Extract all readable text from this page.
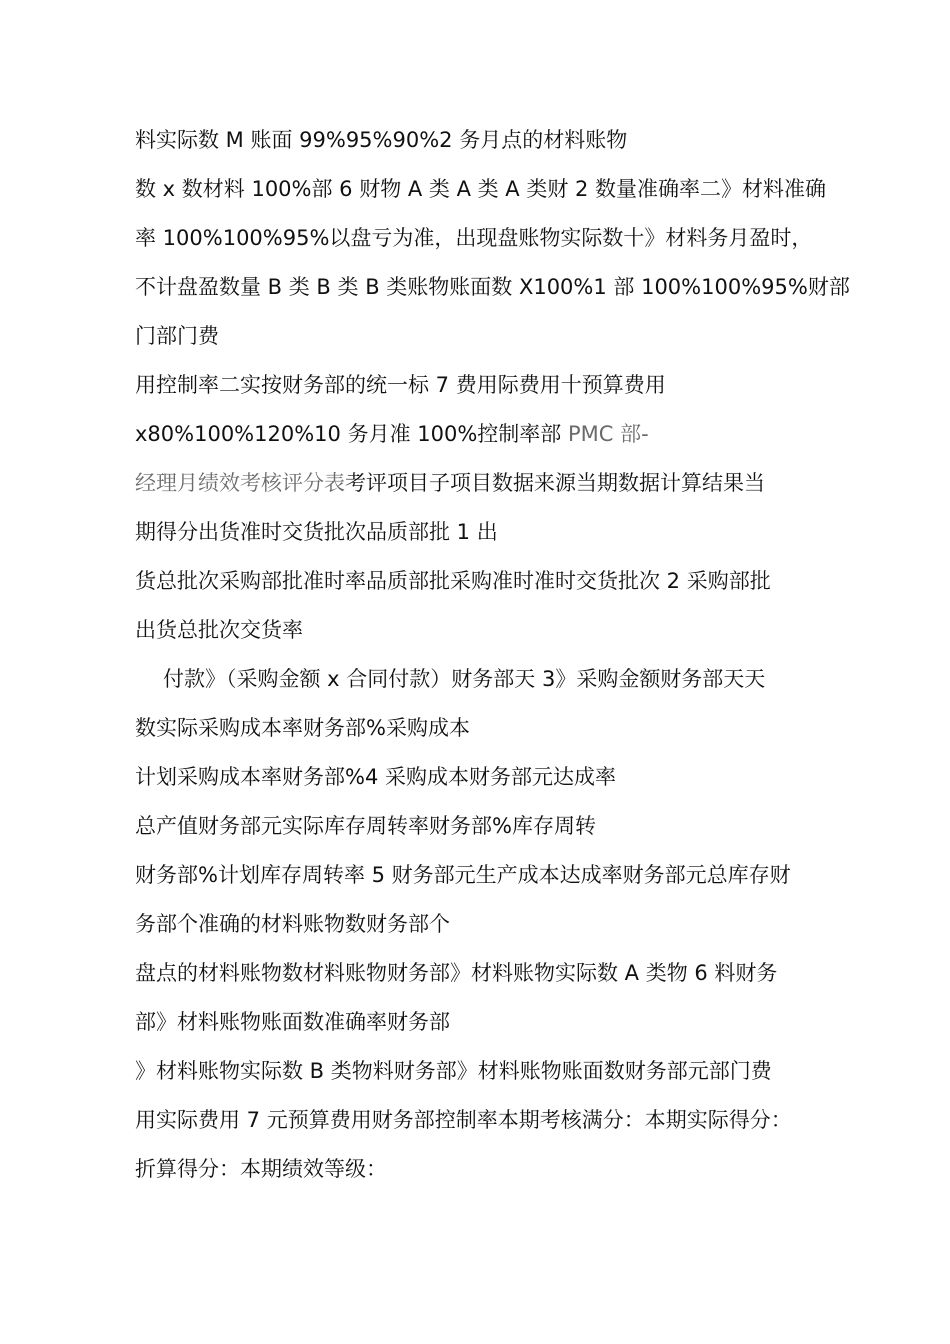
料实际数 M 账面 99%95%90%2 务月点的材料账物
数 x 数材料 100%部 6 财物 A 类 A 类 A 类财 2 数量准确率二》材料准确
率 100%100%95%以盘亏为准，出现盘账物实际数十》材料务月盈时，
不计盘盈数量 B 类 B 类 B 类账物账面数 X100%1 部 100%100%95%财部
门部门费
用控制率二实按财务部的统一标 7 费用际费用十预算费用
x80%100%120%10 务月准 100%控制率部 PMC 部-
经理月绩效考核评分表考评项目子项目数据来源当期数据计算结果当
期得分出货准时交货批次品质部批 1 出
货总批次采购部批准时率品质部批采购准时准时交货批次 2 采购部批
出货总批次交货率
付款》（采购金额 x 合同付款）财务部天 3》采购金额财务部天天
数实际采购成本率财务部%采购成本
计划采购成本率财务部%4 采购成本财务部元达成率
总产值财务部元实际库存周转率财务部%库存周转
财务部%计划库存周转率 5 财务部元生产成本达成率财务部元总库存财
务部个准确的材料账物数财务部个
盘点的材料账物数材料账物财务部》材料账物实际数 A 类物 6 料财务
部》材料账物账面数准确率财务部
》材料账物实际数 B 类物料财务部》材料账物账面数财务部元部门费
用实际费用 7 元预算费用财务部控制率本期考核满分：本期实际得分：
折算得分：本期绩效等级：
